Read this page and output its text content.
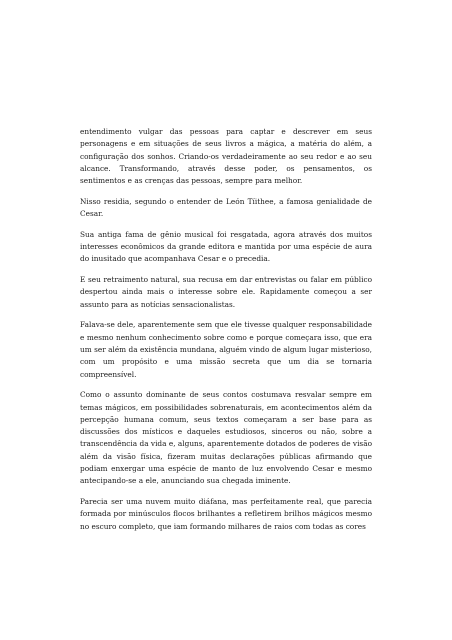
entendimento vulgar das pessoas para captar e descrever em seus personagens e em situações de seus livros a mágica, a matéria do além, a configuração dos sonhos. Criando-os verdadeiramente ao seu redor e ao seu alcance. Transformando, através desse poder, os pensamentos, os sentimentos e as crenças das pessoas, sempre para melhor.

Nisso residia, segundo o entender de León Tíithee, a famosa genialidade de Cesar.

Sua antiga fama de gênio musical foi resgatada, agora através dos muitos interesses econômicos da grande editora e mantida por uma espécie de aura do inusitado que acompanhava Cesar e o precedia.

E seu retraimento natural, sua recusa em dar entrevistas ou falar em público despertou ainda mais o interesse sobre ele. Rapidamente começou a ser assunto para as notícias sensacionalistas.

Falava-se dele, aparentemente sem que ele tivesse qualquer responsabilidade e mesmo nenhum conhecimento sobre como e porque começara isso, que era um ser além da existência mundana, alguém vindo de algum lugar misterioso, com um propósito e uma missão secreta que um dia se tornaria compreensível.

Como o assunto dominante de seus contos costumava resvalar sempre em temas mágicos, em possibilidades sobrenaturais, em acontecimentos além da percepção humana comum, seus textos começaram a ser base para as discussões dos místicos e daqueles estudiosos, sinceros ou não, sobre a transcendência da vida e, alguns, aparentemente dotados de poderes de visão além da visão física, fizeram muitas declarações públicas afirmando que podiam enxergar uma espécie de manto de luz envolvendo Cesar e mesmo antecipando-se a ele, anunciando sua chegada iminente.

Parecia ser uma nuvem muito diáfana, mas perfeitamente real, que parecia formada por minúsculos flocos brilhantes a refletirem brilhos mágicos mesmo no escuro completo, que iam formando milhares de raios com todas as cores
